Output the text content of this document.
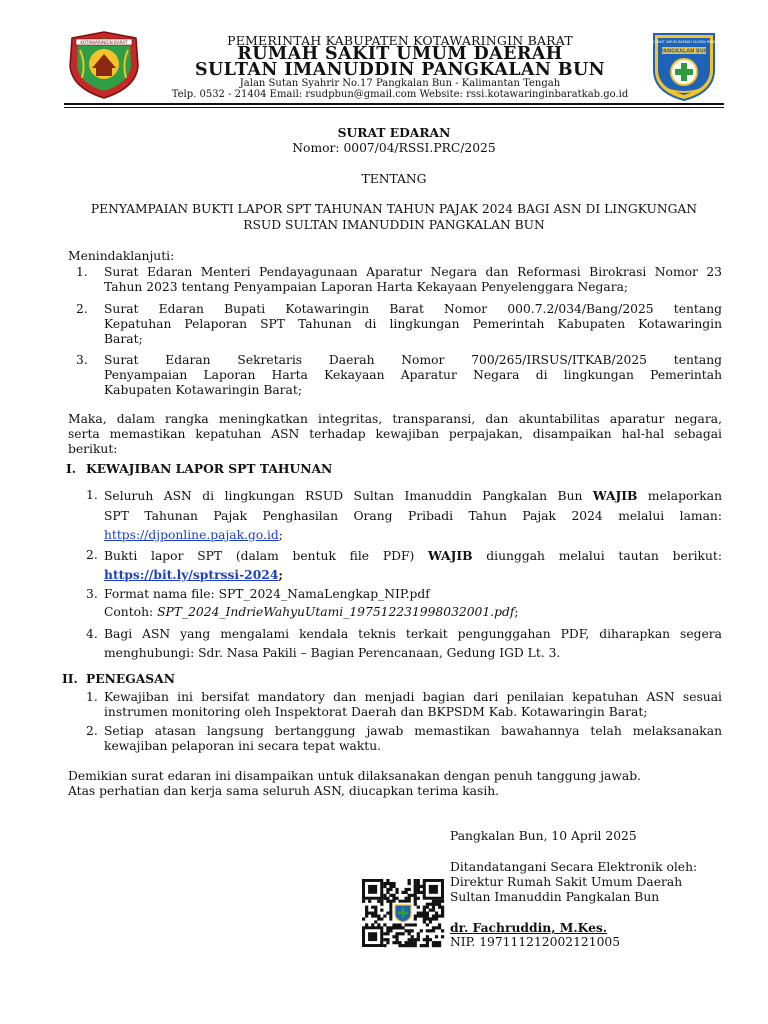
KOTAWARINGIN BARAT	PEMERINTAH KABUPATEN KOTAWARINGIN BARAT
RUMAH SAKIT UMUM DAERAH
SULTAN IMANUDDIN PANGKALAN BUN
Jalan Sutan Syahrir No.17 Pangkalan Bun - Kalimantan Tengah
Telp. 0532 - 21404 Email: rsudpbun@gmail.com Website: rssi.kotawaringinbaratkab.go.id
RUMAH SAKIT UMUM DAERAH SULTAN IMANUDDIN
PANGKALAN BUN
SURAT EDARAN
Nomor: 0007/04/RSSI.PRC/2025
TENTANG
PENYAMPAIAN BUKTI LAPOR SPT TAHUNAN TAHUN PAJAK 2024 BAGI ASN DI LINGKUNGAN
RSUD SULTAN IMANUDDIN PANGKALAN BUN
Menindaklanjuti:
1. Surat Edaran Menteri Pendayagunaan Aparatur Negara dan Reformasi Birokrasi Nomor 23
Tahun 2023 tentang Penyampaian Laporan Harta Kekayaan Penyelenggara Negara;
2. Surat Edaran Bupati Kotawaringin Barat Nomor 000.7.2/034/Bang/2025 tentang
Kepatuhan Pelaporan SPT Tahunan di lingkungan Pemerintah Kabupaten Kotawaringin
Barat;
3. Surat Edaran Sekretaris Daerah Nomor 700/265/IRSUS/ITKAB/2025 tentang
Penyampaian Laporan Harta Kekayaan Aparatur Negara di lingkungan Pemerintah
Kabupaten Kotawaringin Barat;
Maka, dalam rangka meningkatkan integritas, transparansi, dan akuntabilitas aparatur negara,
serta memastikan kepatuhan ASN terhadap kewajiban perpajakan, disampaikan hal-hal sebagai
berikut:
I. KEWAJIBAN LAPOR SPT TAHUNAN
1. Seluruh ASN di lingkungan RSUD Sultan Imanuddin Pangkalan Bun WAJIB melaporkan
SPT Tahunan Pajak Penghasilan Orang Pribadi Tahun Pajak 2024 melalui laman:
https://djponline.pajak.go.id;
2. Bukti lapor SPT (dalam bentuk file PDF) WAJIB diunggah melalui tautan berikut:
https://bit.ly/sptrssi-2024;
3. Format nama file: SPT_2024_NamaLengkap_NIP.pdf
Contoh: SPT_2024_IndrieWahyuUtami_197512231998032001.pdf;
4. Bagi ASN yang mengalami kendala teknis terkait pengunggahan PDF, diharapkan segera
menghubungi: Sdr. Nasa Pakili – Bagian Perencanaan, Gedung IGD Lt. 3.
II. PENEGASAN
1. Kewajiban ini bersifat mandatory dan menjadi bagian dari penilaian kepatuhan ASN sesuai
instrumen monitoring oleh Inspektorat Daerah dan BKPSDM Kab. Kotawaringin Barat;
2. Setiap atasan langsung bertanggung jawab memastikan bawahannya telah melaksanakan
kewajiban pelaporan ini secara tepat waktu.
Demikian surat edaran ini disampaikan untuk dilaksanakan dengan penuh tanggung jawab.
Atas perhatian dan kerja sama seluruh ASN, diucapkan terima kasih.
Pangkalan Bun, 10 April 2025
Ditandatangani Secara Elektronik oleh:
Direktur Rumah Sakit Umum Daerah
Sultan Imanuddin Pangkalan Bun
dr. Fachruddin, M.Kes.
NIP. 197111212002121005
